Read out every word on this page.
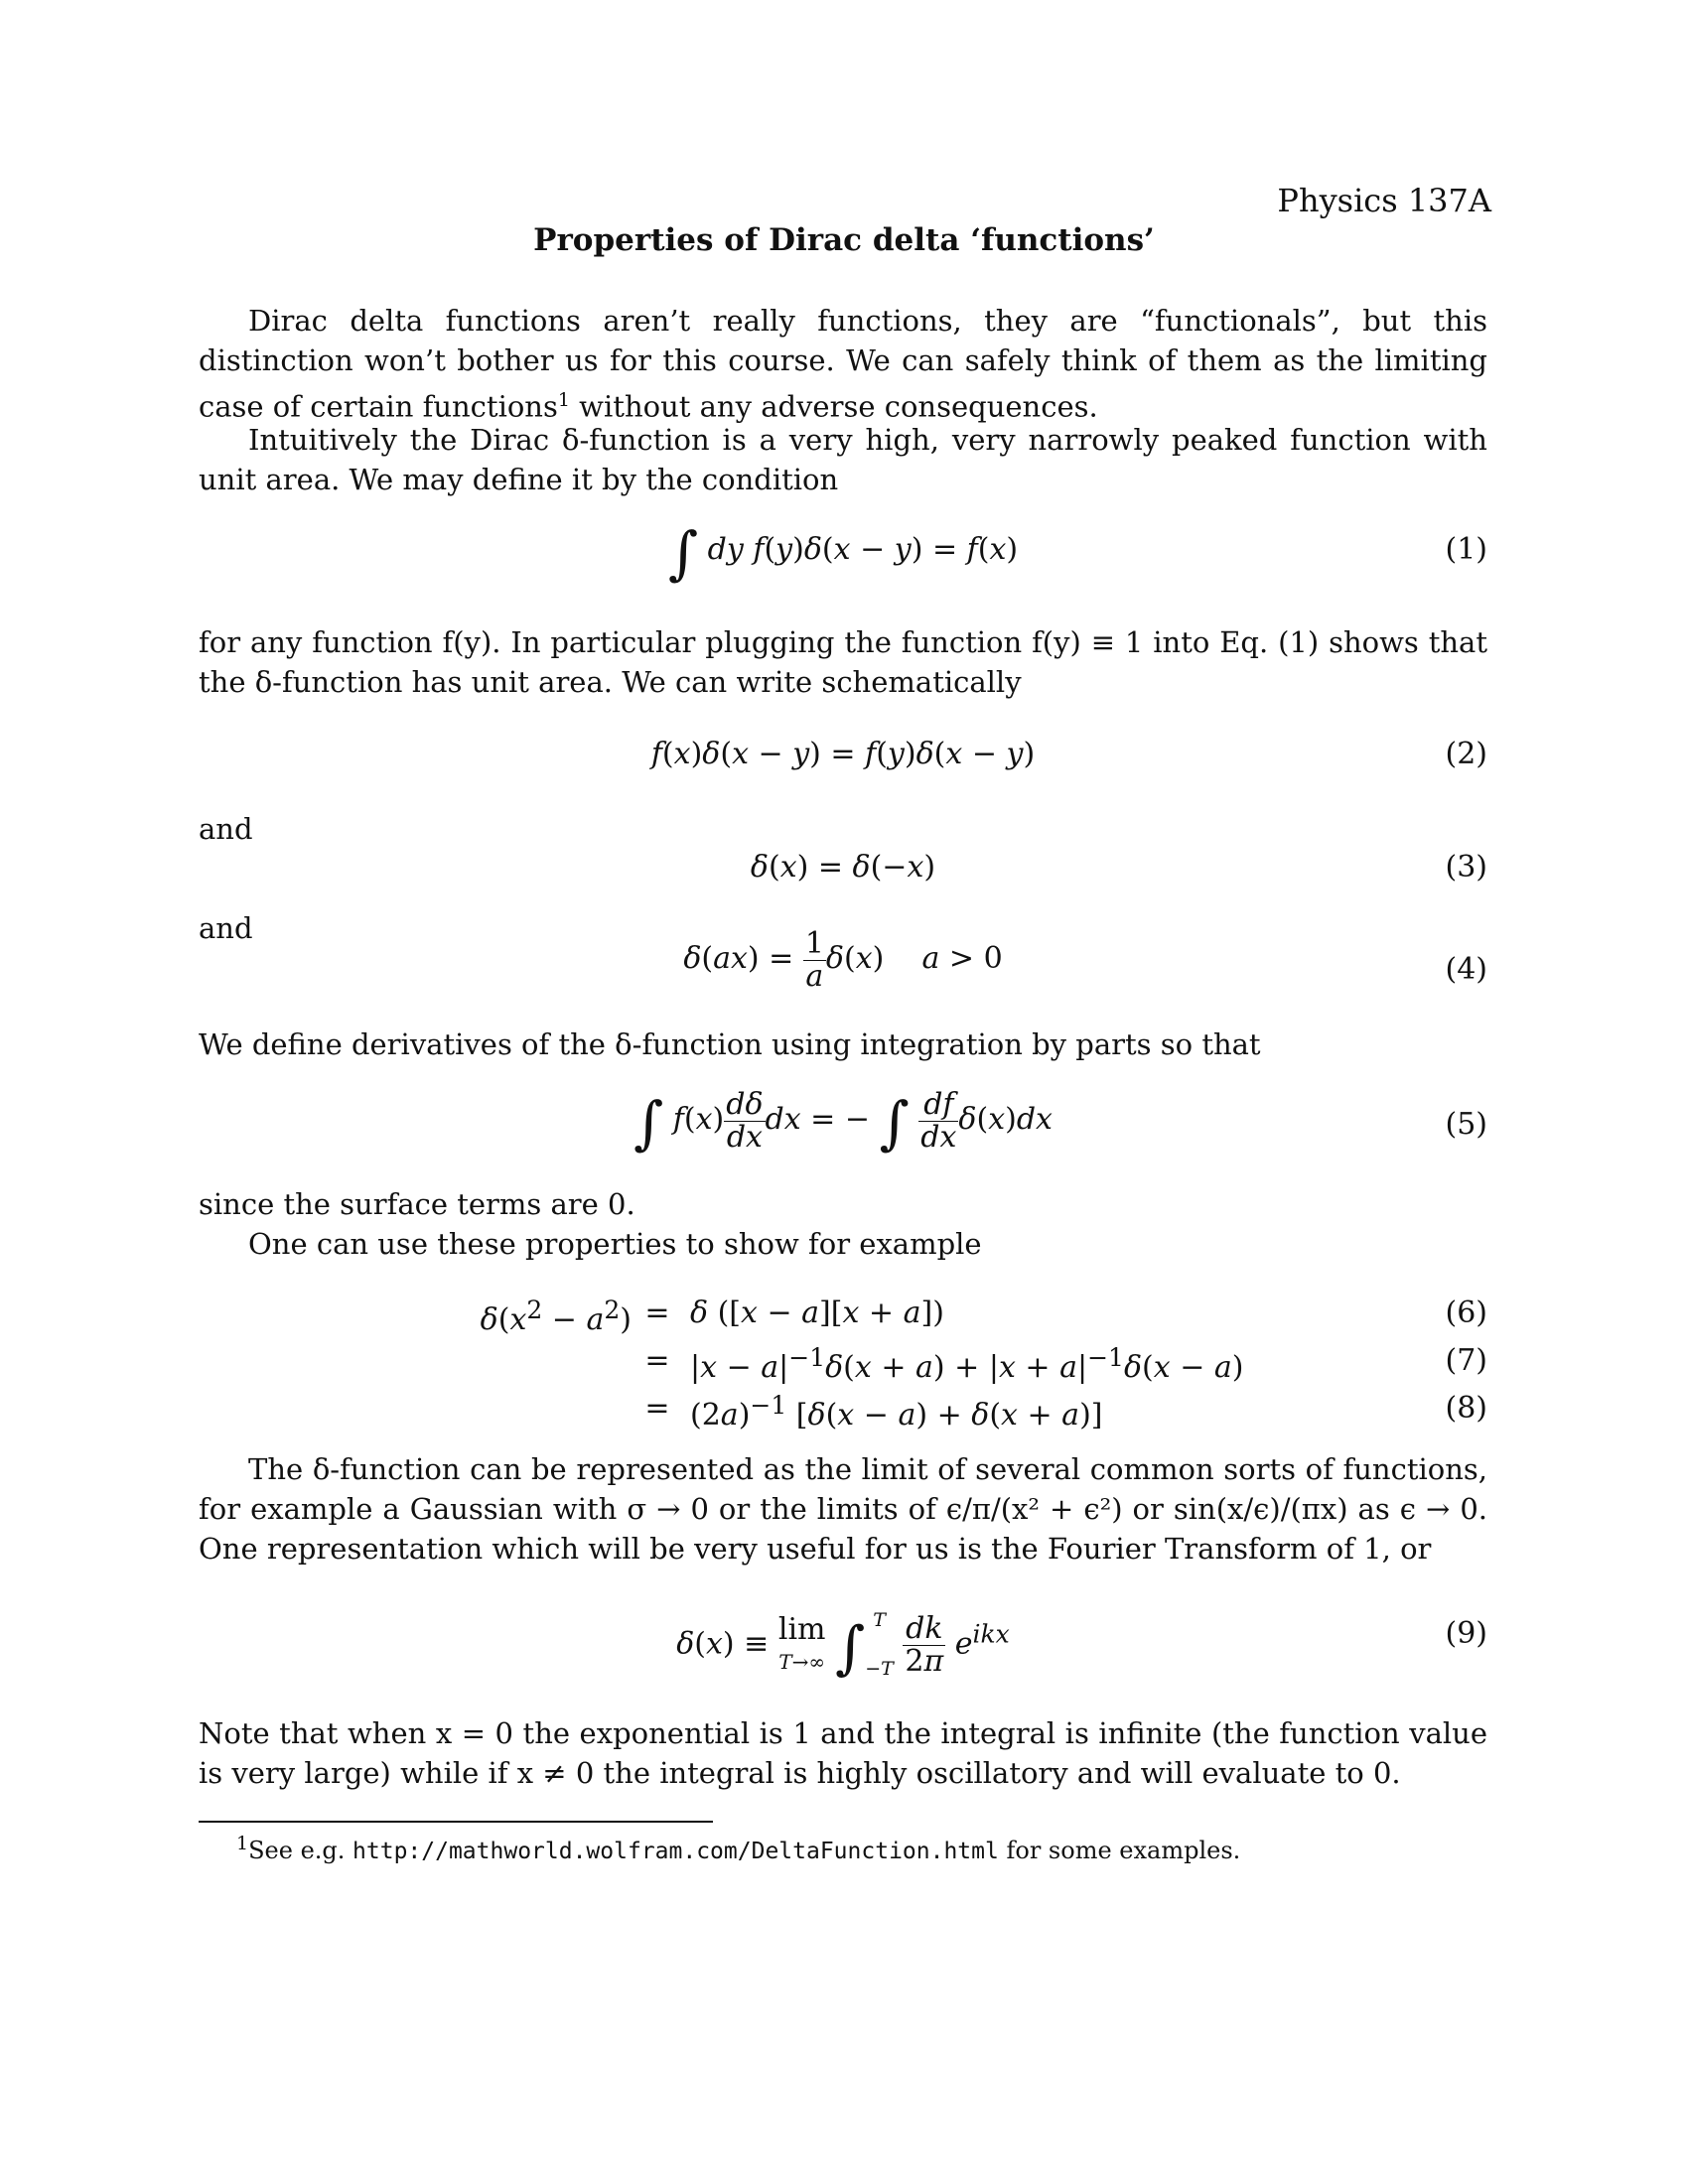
Physics 137A
Properties of Dirac delta ‘functions’
Dirac delta functions aren’t really functions, they are “functionals”, but this distinction won’t bother us for this course. We can safely think of them as the limiting case of certain functions$^1$ without any adverse consequences.
Intuitively the Dirac δ-function is a very high, very narrowly peaked function with unit area. We may define it by the condition
∫ dy f(y)δ(x − y) = f(x)	(1)
for any function f(y). In particular plugging the function f(y) ≡ 1 into Eq. (1) shows that the δ-function has unit area. We can write schematically
f(x)δ(x − y) = f(y)δ(x − y)	(2)
and
δ(x) = δ(−x)	(3)
and
$\delta(ax) = \frac{1}{a} \delta(x)$    a > 0	(4)
We define derivatives of the δ-function using integration by parts so that
∫ $f(x) \frac{d\delta}{dx}$ dx = − ∫ $\frac{df}{dx} \delta(x)dx$	(5)
since the surface terms are 0.
One can use these properties to show for example
$\delta(x^2 - a^2) = \delta$ ([x − a][x + a])	(6)
= $|x - a|^{-1}\delta(x + a) + |x + a|^{-1}\delta(x - a)$	(7)
= $(2a)^{-1}$ [δ(x − a) + δ(x + a)]	(8)
The δ-function can be represented as the limit of several common sorts of functions, for example a Gaussian with σ → 0 or the limits of ϵ/π/(x² + ϵ²) or sin(x/ϵ)/(πx) as ϵ → 0. One representation which will be very useful for us is the Fourier Transform of 1, or
δ(x) ≡ lim
T→∞ ∫ T
$-T \frac{dk}{2\pi} e^{ikx}$	(9)
Note that when x = 0 the exponential is 1 and the integral is infinite (the function value is very large) while if x ≠ 0 the integral is highly oscillatory and will evaluate to 0.
$^1$See e.g. http://mathworld.wolfram.com/DeltaFunction.html for some examples.
